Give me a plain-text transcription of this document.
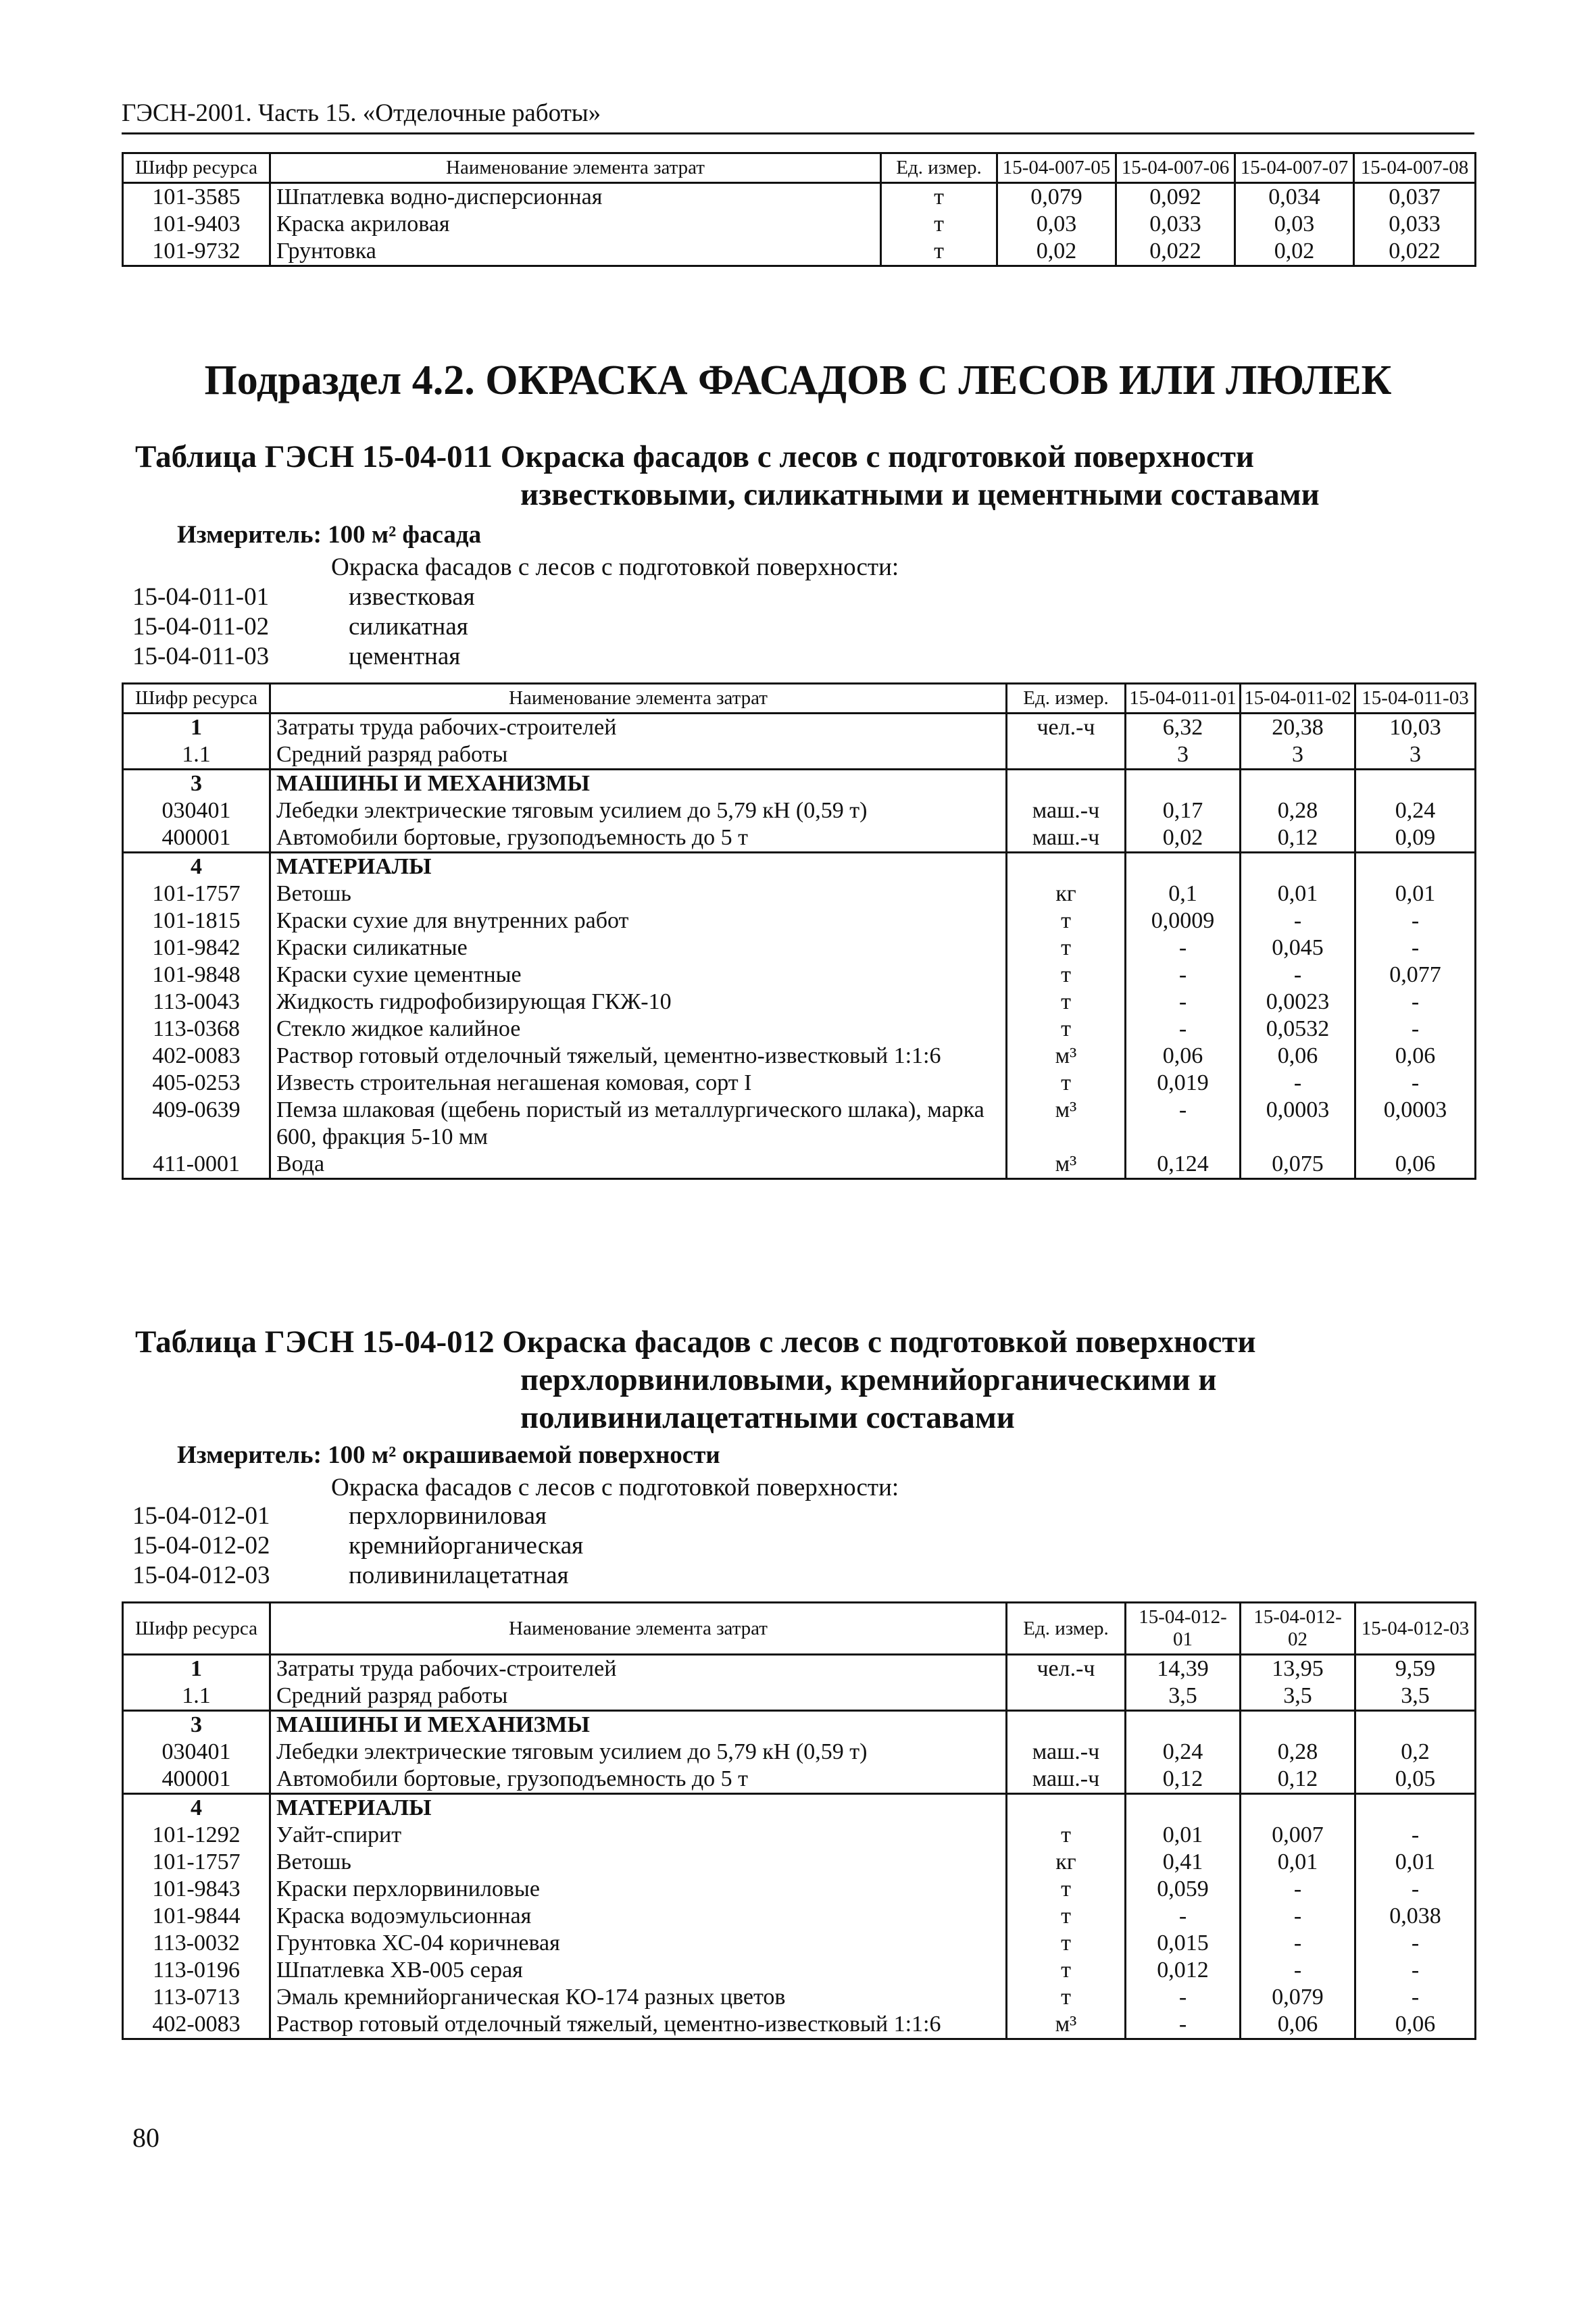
ГЭСН-2001. Часть 15. «Отделочные работы»
Шифр ресурса	Наименование элемента затрат	Ед. измер.	15-04-007-05	15-04-007-06	15-04-007-07	15-04-007-08
101-3585	Шпатлевка водно-дисперсионная	т	0,079	0,092	0,034	0,037
101-9403	Краска акриловая	т	0,03	0,033	0,03	0,033
101-9732	Грунтовка	т	0,02	0,022	0,02	0,022
Подраздел 4.2. ОКРАСКА ФАСАДОВ С ЛЕСОВ ИЛИ ЛЮЛЕК
Таблица ГЭСН 15-04-011 Окраска фасадов с лесов с подготовкой поверхности
известковыми, силикатными и цементными составами
Измеритель: 100 м² фасада
Окраска фасадов с лесов с подготовкой поверхности:
15-04-011-01	известковая
15-04-011-02	силикатная
15-04-011-03	цементная
Шифр ресурса	Наименование элемента затрат	Ед. измер.	15-04-011-01	15-04-011-02	15-04-011-03
1	Затраты труда рабочих-строителей	чел.-ч	6,32	20,38	10,03
1.1	Средний разряд работы		3	3	3
3	МАШИНЫ И МЕХАНИЗМЫ				
030401	Лебедки электрические тяговым усилием до 5,79 кН (0,59 т)	маш.-ч	0,17	0,28	0,24
400001	Автомобили бортовые, грузоподъемность до 5 т	маш.-ч	0,02	0,12	0,09
4	МАТЕРИАЛЫ				
101-1757	Ветошь	кг	0,1	0,01	0,01
101-1815	Краски сухие для внутренних работ	т	0,0009	-	-
101-9842	Краски силикатные	т	-	0,045	-
101-9848	Краски сухие цементные	т	-	-	0,077
113-0043	Жидкость гидрофобизирующая ГКЖ-10	т	-	0,0023	-
113-0368	Стекло жидкое калийное	т	-	0,0532	-
402-0083	Раствор готовый отделочный тяжелый, цементно-известковый 1:1:6	м³	0,06	0,06	0,06
405-0253	Известь строительная негашеная комовая, сорт I	т	0,019	-	-
409-0639	Пемза шлаковая (щебень пористый из металлургического шлака), марка 600, фракция 5-10 мм	м³	-	0,0003	0,0003
411-0001	Вода	м³	0,124	0,075	0,06
Таблица ГЭСН 15-04-012 Окраска фасадов с лесов с подготовкой поверхности
перхлорвиниловыми, кремнийорганическими и
поливинилацетатными составами
Измеритель: 100 м² окрашиваемой поверхности
Окраска фасадов с лесов с подготовкой поверхности:
15-04-012-01	перхлорвиниловая
15-04-012-02	кремнийорганическая
15-04-012-03	поливинилацетатная
Шифр ресурса	Наименование элемента затрат	Ед. измер.	15-04-012-01	15-04-012-02	15-04-012-03
1	Затраты труда рабочих-строителей	чел.-ч	14,39	13,95	9,59
1.1	Средний разряд работы		3,5	3,5	3,5
3	МАШИНЫ И МЕХАНИЗМЫ				
030401	Лебедки электрические тяговым усилием до 5,79 кН (0,59 т)	маш.-ч	0,24	0,28	0,2
400001	Автомобили бортовые, грузоподъемность до 5 т	маш.-ч	0,12	0,12	0,05
4	МАТЕРИАЛЫ				
101-1292	Уайт-спирит	т	0,01	0,007	-
101-1757	Ветошь	кг	0,41	0,01	0,01
101-9843	Краски перхлорвиниловые	т	0,059	-	-
101-9844	Краска водоэмульсионная	т	-	-	0,038
113-0032	Грунтовка ХС-04 коричневая	т	0,015	-	-
113-0196	Шпатлевка ХВ-005 серая	т	0,012	-	-
113-0713	Эмаль кремнийорганическая КО-174 разных цветов	т	-	0,079	-
402-0083	Раствор готовый отделочный тяжелый, цементно-известковый 1:1:6	м³	-	0,06	0,06
80
